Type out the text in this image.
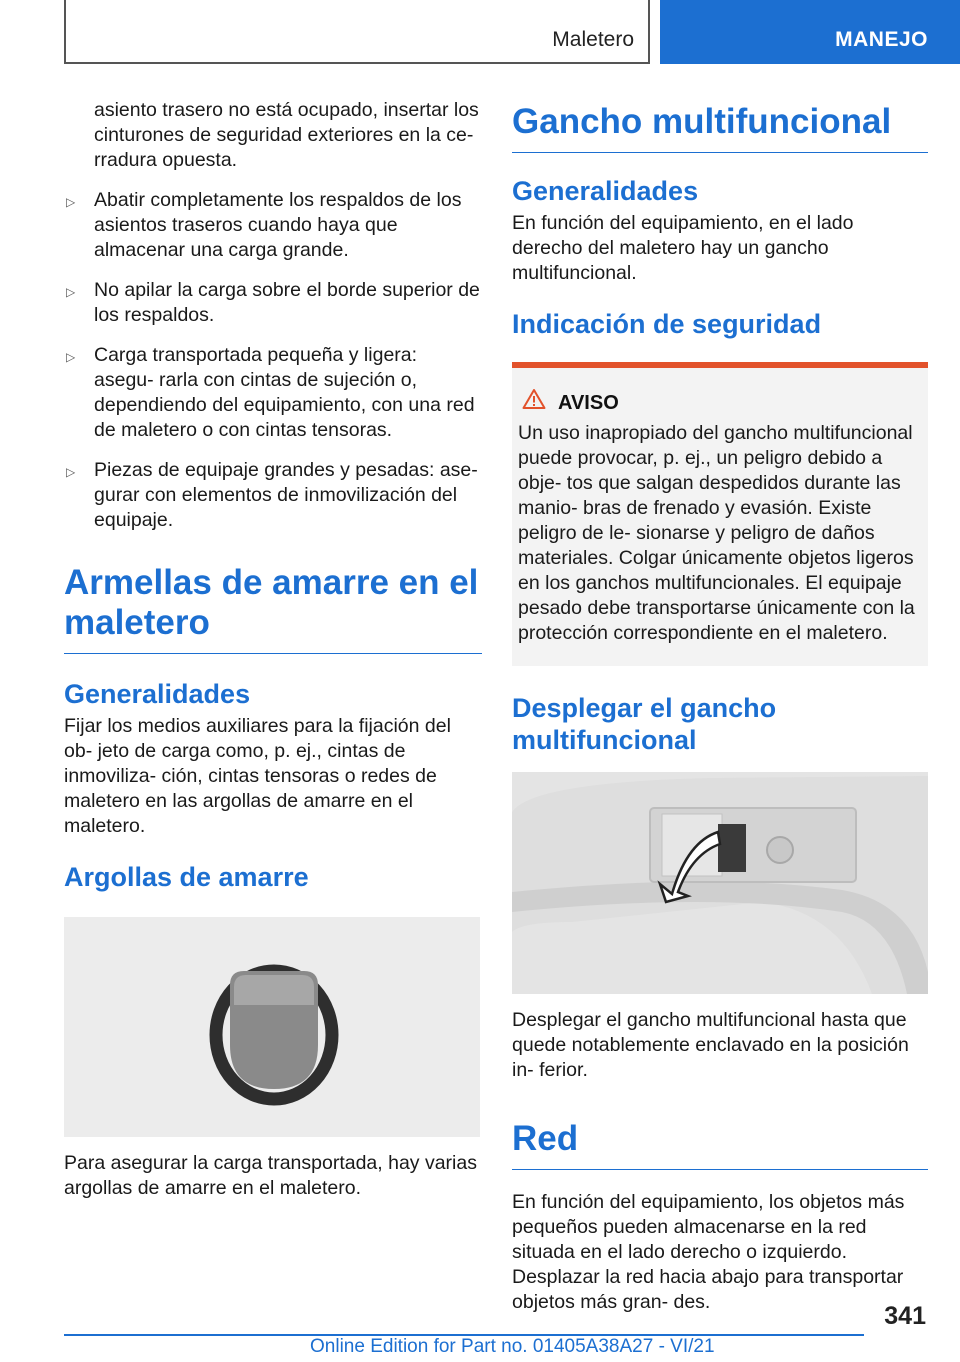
Maletero	MANEJO

asiento trasero no está ocupado, insertar los cinturones de seguridad exteriores en la ce- rradura opuesta.

▷ Abatir completamente los respaldos de los asientos traseros cuando haya que almacenar una carga grande.
▷ No apilar la carga sobre el borde superior de los respaldos.
▷ Carga transportada pequeña y ligera: asegu- rarla con cintas de sujeción o, dependiendo del equipamiento, con una red de maletero o con cintas tensoras.
▷ Piezas de equipaje grandes y pesadas: ase- gurar con elementos de inmovilización del equipaje.
Armellas de amarre en el maletero
Generalidades

Fijar los medios auxiliares para la fijación del ob- jeto de carga como, p. ej., cintas de inmoviliza- ción, cintas tensoras o redes de maletero en las argollas de amarre en el maletero.

Argollas de amarre

Para asegurar la carga transportada, hay varias argollas de amarre en el maletero.

Gancho multifuncional
Generalidades

En función del equipamiento, en el lado derecho del maletero hay un gancho multifuncional.

Indicación de seguridad
AVISO

Un uso inapropiado del gancho multifuncional puede provocar, p. ej., un peligro debido a obje- tos que salgan despedidos durante las manio- bras de frenado y evasión. Existe peligro de le- sionarse y peligro de daños materiales. Colgar únicamente objetos ligeros en los ganchos multifuncionales. El equipaje pesado debe transportarse únicamente con la protección correspondiente en el maletero.

Desplegar el gancho multifuncional

Desplegar el gancho multifuncional hasta que quede notablemente enclavado en la posición in- ferior.

Red

En función del equipamiento, los objetos más pequeños pueden almacenarse en la red situada en el lado derecho o izquierdo. Desplazar la red hacia abajo para transportar objetos más gran- des.	341
Online Edition for Part no. 01405A38A27 - VI/21
